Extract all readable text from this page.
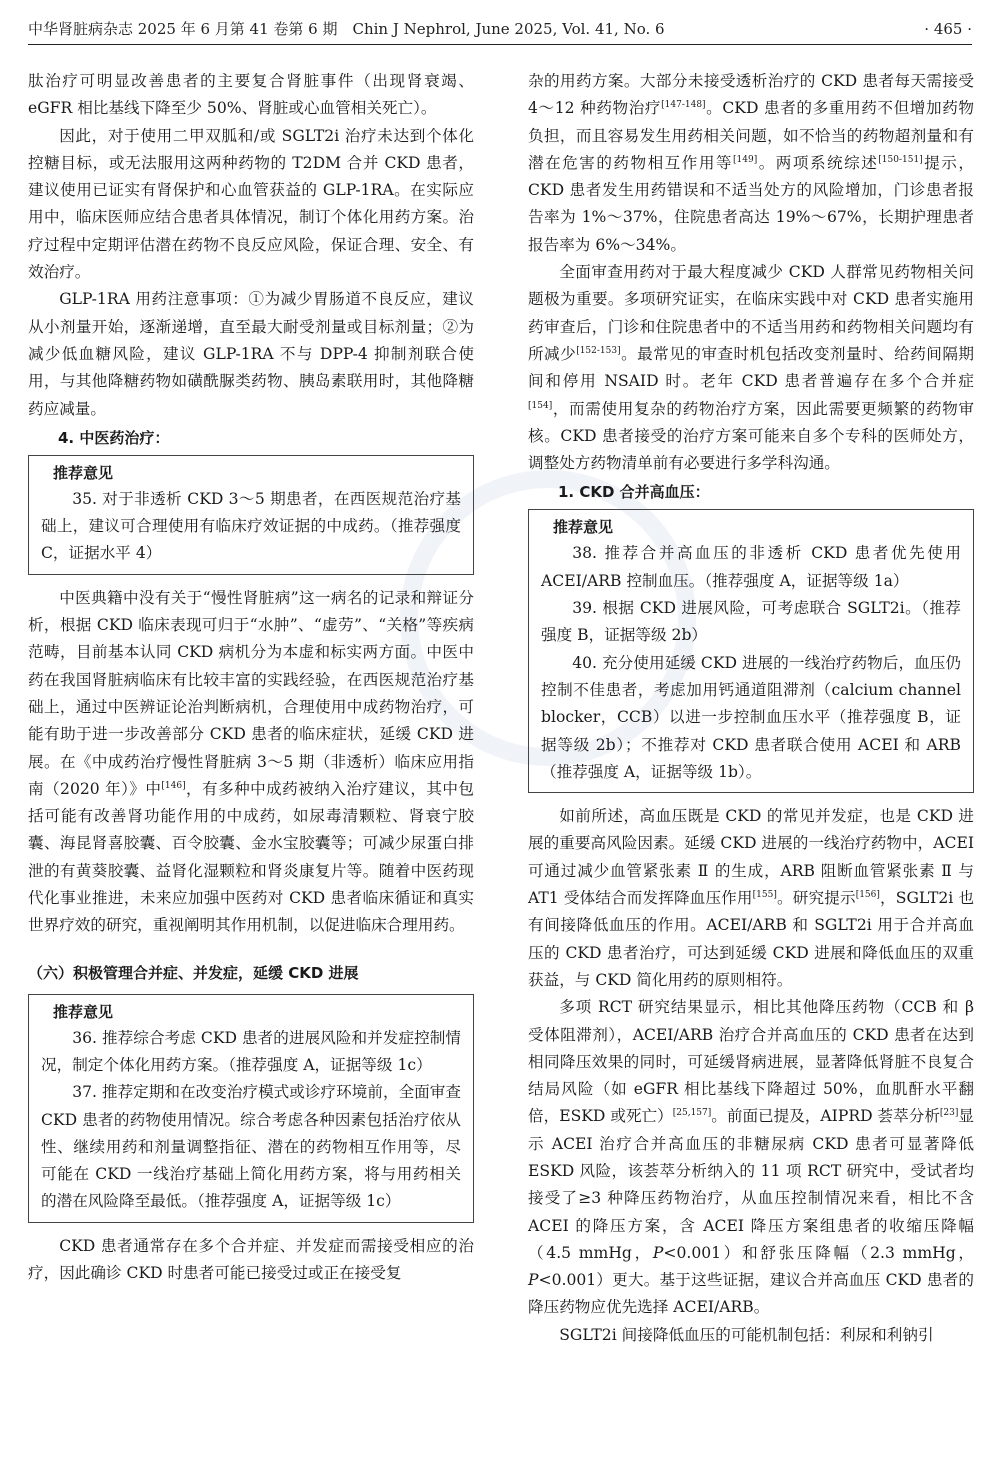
中华肾脏病杂志 2025 年 6 月第 41 卷第 6 期　Chin J Nephrol, June 2025, Vol. 41, No. 6	· 465 ·

肽治疗可明显改善患者的主要复合肾脏事件（出现肾衰竭、eGFR 相比基线下降至少 50%、肾脏或心血管相关死亡）。

因此，对于使用二甲双胍和/或 SGLT2i 治疗未达到个体化控糖目标，或无法服用这两种药物的 T2DM 合并 CKD 患者，建议使用已证实有肾保护和心血管获益的 GLP-1RA。在实际应用中，临床医师应结合患者具体情况，制订个体化用药方案。治疗过程中定期评估潜在药物不良反应风险，保证合理、安全、有效治疗。

GLP-1RA 用药注意事项：①为减少胃肠道不良反应，建议从小剂量开始，逐渐递增，直至最大耐受剂量或目标剂量；②为减少低血糖风险，建议 GLP-1RA 不与 DPP-4 抑制剂联合使用，与其他降糖药物如磺酰脲类药物、胰岛素联用时，其他降糖药应减量。

4. 中医药治疗：
推荐意见

35. 对于非透析 CKD 3～5 期患者，在西医规范治疗基础上，建议可合理使用有临床疗效证据的中成药。（推荐强度 C，证据水平 4）

中医典籍中没有关于“慢性肾脏病”这一病名的记录和辩证分析，根据 CKD 临床表现可归于“水肿”、“虚劳”、“关格”等疾病范畴，目前基本认同 CKD 病机分为本虚和标实两方面。中医中药在我国肾脏病临床有比较丰富的实践经验，在西医规范治疗基础上，通过中医辨证论治判断病机，合理使用中成药物治疗，可能有助于进一步改善部分 CKD 患者的临床症状，延缓 CKD 进展。在《中成药治疗慢性肾脏病 3～5 期（非透析）临床应用指南（2020 年）》中[146]，有多种中成药被纳入治疗建议，其中包括可能有改善肾功能作用的中成药，如尿毒清颗粒、肾衰宁胶囊、海昆肾喜胶囊、百令胶囊、金水宝胶囊等；可减少尿蛋白排泄的有黄葵胶囊、益肾化湿颗粒和肾炎康复片等。随着中医药现代化事业推进，未来应加强中医药对 CKD 患者临床循证和真实世界疗效的研究，重视阐明其作用机制，以促进临床合理用药。

（六）积极管理合并症、并发症，延缓 CKD 进展
推荐意见

36. 推荐综合考虑 CKD 患者的进展风险和并发症控制情况，制定个体化用药方案。（推荐强度 A，证据等级 1c）

37. 推荐定期和在改变治疗模式或诊疗环境前，全面审查 CKD 患者的药物使用情况。综合考虑各种因素包括治疗依从性、继续用药和剂量调整指征、潜在的药物相互作用等，尽可能在 CKD 一线治疗基础上简化用药方案，将与用药相关的潜在风险降至最低。（推荐强度 A，证据等级 1c）

CKD 患者通常存在多个合并症、并发症而需接受相应的治疗，因此确诊 CKD 时患者可能已接受过或正在接受复

杂的用药方案。大部分未接受透析治疗的 CKD 患者每天需接受 4～12 种药物治疗[147-148]。CKD 患者的多重用药不但增加药物负担，而且容易发生用药相关问题，如不恰当的药物超剂量和有潜在危害的药物相互作用等[149]。两项系统综述[150-151]提示，CKD 患者发生用药错误和不适当处方的风险增加，门诊患者报告率为 1%～37%，住院患者高达 19%～67%，长期护理患者报告率为 6%～34%。

全面审查用药对于最大程度减少 CKD 人群常见药物相关问题极为重要。多项研究证实，在临床实践中对 CKD 患者实施用药审查后，门诊和住院患者中的不适当用药和药物相关问题均有所减少[152-153]。最常见的审查时机包括改变剂量时、给药间隔期间和停用 NSAID 时。老年 CKD 患者普遍存在多个合并症[154]，而需使用复杂的药物治疗方案，因此需要更频繁的药物审核。CKD 患者接受的治疗方案可能来自多个专科的医师处方，调整处方药物清单前有必要进行多学科沟通。

1. CKD 合并高血压：
推荐意见

38. 推荐合并高血压的非透析 CKD 患者优先使用 ACEI/ARB 控制血压。（推荐强度 A，证据等级 1a）

39. 根据 CKD 进展风险，可考虑联合 SGLT2i。（推荐强度 B，证据等级 2b）

40. 充分使用延缓 CKD 进展的一线治疗药物后，血压仍控制不佳患者，考虑加用钙通道阻滞剂（calcium channel blocker，CCB）以进一步控制血压水平（推荐强度 B，证据等级 2b）；不推荐对 CKD 患者联合使用 ACEI 和 ARB（推荐强度 A，证据等级 1b）。

如前所述，高血压既是 CKD 的常见并发症，也是 CKD 进展的重要高风险因素。延缓 CKD 进展的一线治疗药物中，ACEI 可通过减少血管紧张素 Ⅱ 的生成，ARB 阻断血管紧张素 Ⅱ 与 AT1 受体结合而发挥降血压作用[155]。研究提示[156]，SGLT2i 也有间接降低血压的作用。ACEI/ARB 和 SGLT2i 用于合并高血压的 CKD 患者治疗，可达到延缓 CKD 进展和降低血压的双重获益，与 CKD 简化用药的原则相符。

多项 RCT 研究结果显示，相比其他降压药物（CCB 和 β 受体阻滞剂），ACEI/ARB 治疗合并高血压的 CKD 患者在达到相同降压效果的同时，可延缓肾病进展，显著降低肾脏不良复合结局风险（如 eGFR 相比基线下降超过 50%，血肌酐水平翻倍，ESKD 或死亡）[25,157]。前面已提及，AIPRD 荟萃分析[23]显示 ACEI 治疗合并高血压的非糖尿病 CKD 患者可显著降低 ESKD 风险，该荟萃分析纳入的 11 项 RCT 研究中，受试者均接受了≥3 种降压药物治疗，从血压控制情况来看，相比不含 ACEI 的降压方案，含 ACEI 降压方案组患者的收缩压降幅（4.5 mmHg，P<0.001）和舒张压降幅（2.3 mmHg，P<0.001）更大。基于这些证据，建议合并高血压 CKD 患者的降压药物应优先选择 ACEI/ARB。

SGLT2i 间接降低血压的可能机制包括：利尿和利钠引
